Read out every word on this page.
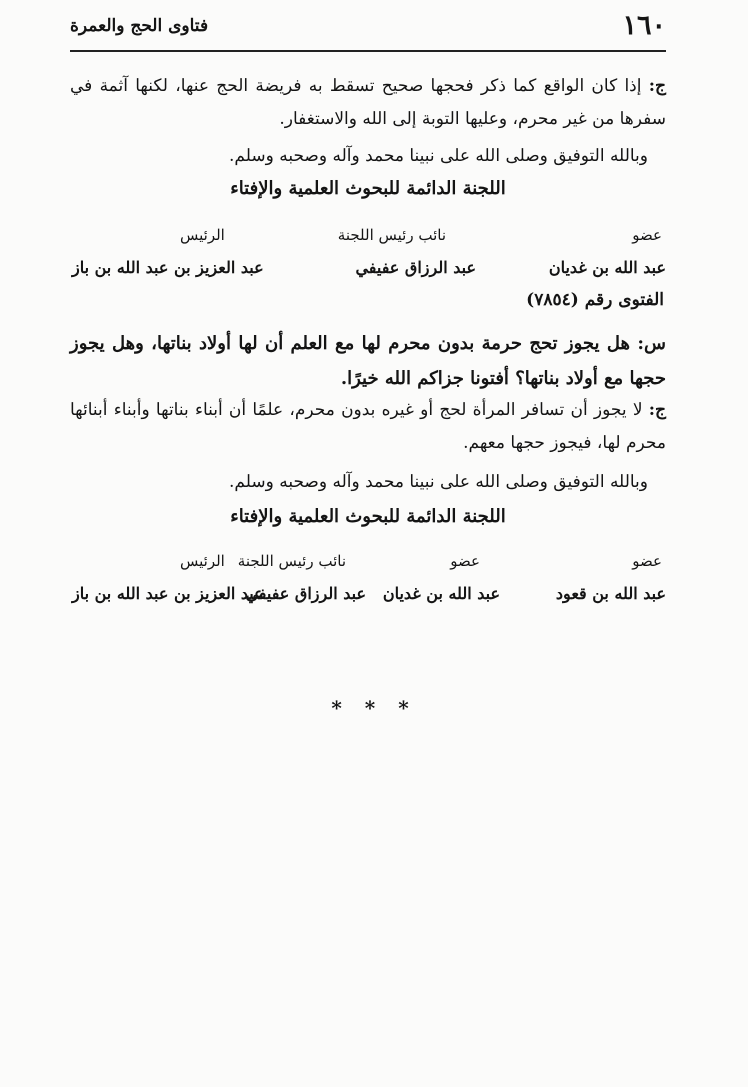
١٦٠
فتاوى الحج والعمرة

ج: إذا كان الواقع كما ذكر فحجها صحيح تسقط به فريضة الحج عنها، لكنها آثمة في سفرها من غير محرم، وعليها التوبة إلى الله والاستغفار.

وبالله التوفيق وصلى الله على نبينا محمد وآله وصحبه وسلم.

اللجنة الدائمة للبحوث العلمية والإفتاء

عضو
نائب رئيس اللجنة
الرئيس
عبد الله بن غديان
عبد الرزاق عفيفي
عبد العزيز بن عبد الله بن باز
الفتوى رقم (٧٨٥٤)

س: هل يجوز تحج حرمة بدون محرم لها مع العلم أن لها أولاد بناتها، وهل يجوز حجها مع أولاد بناتها؟ أفتونا جزاكم الله خيرًا.

ج: لا يجوز أن تسافر المرأة لحج أو غيره بدون محرم، علمًا أن أبناء بناتها وأبناء أبنائها محرم لها، فيجوز حجها معهم.

وبالله التوفيق وصلى الله على نبينا محمد وآله وصحبه وسلم.

اللجنة الدائمة للبحوث العلمية والإفتاء

عضو
عضو
نائب رئيس اللجنة
الرئيس
عبد الله بن قعود
عبد الله بن غديان
عبد الرزاق عفيفي
عبد العزيز بن عبد الله بن باز
* * *
